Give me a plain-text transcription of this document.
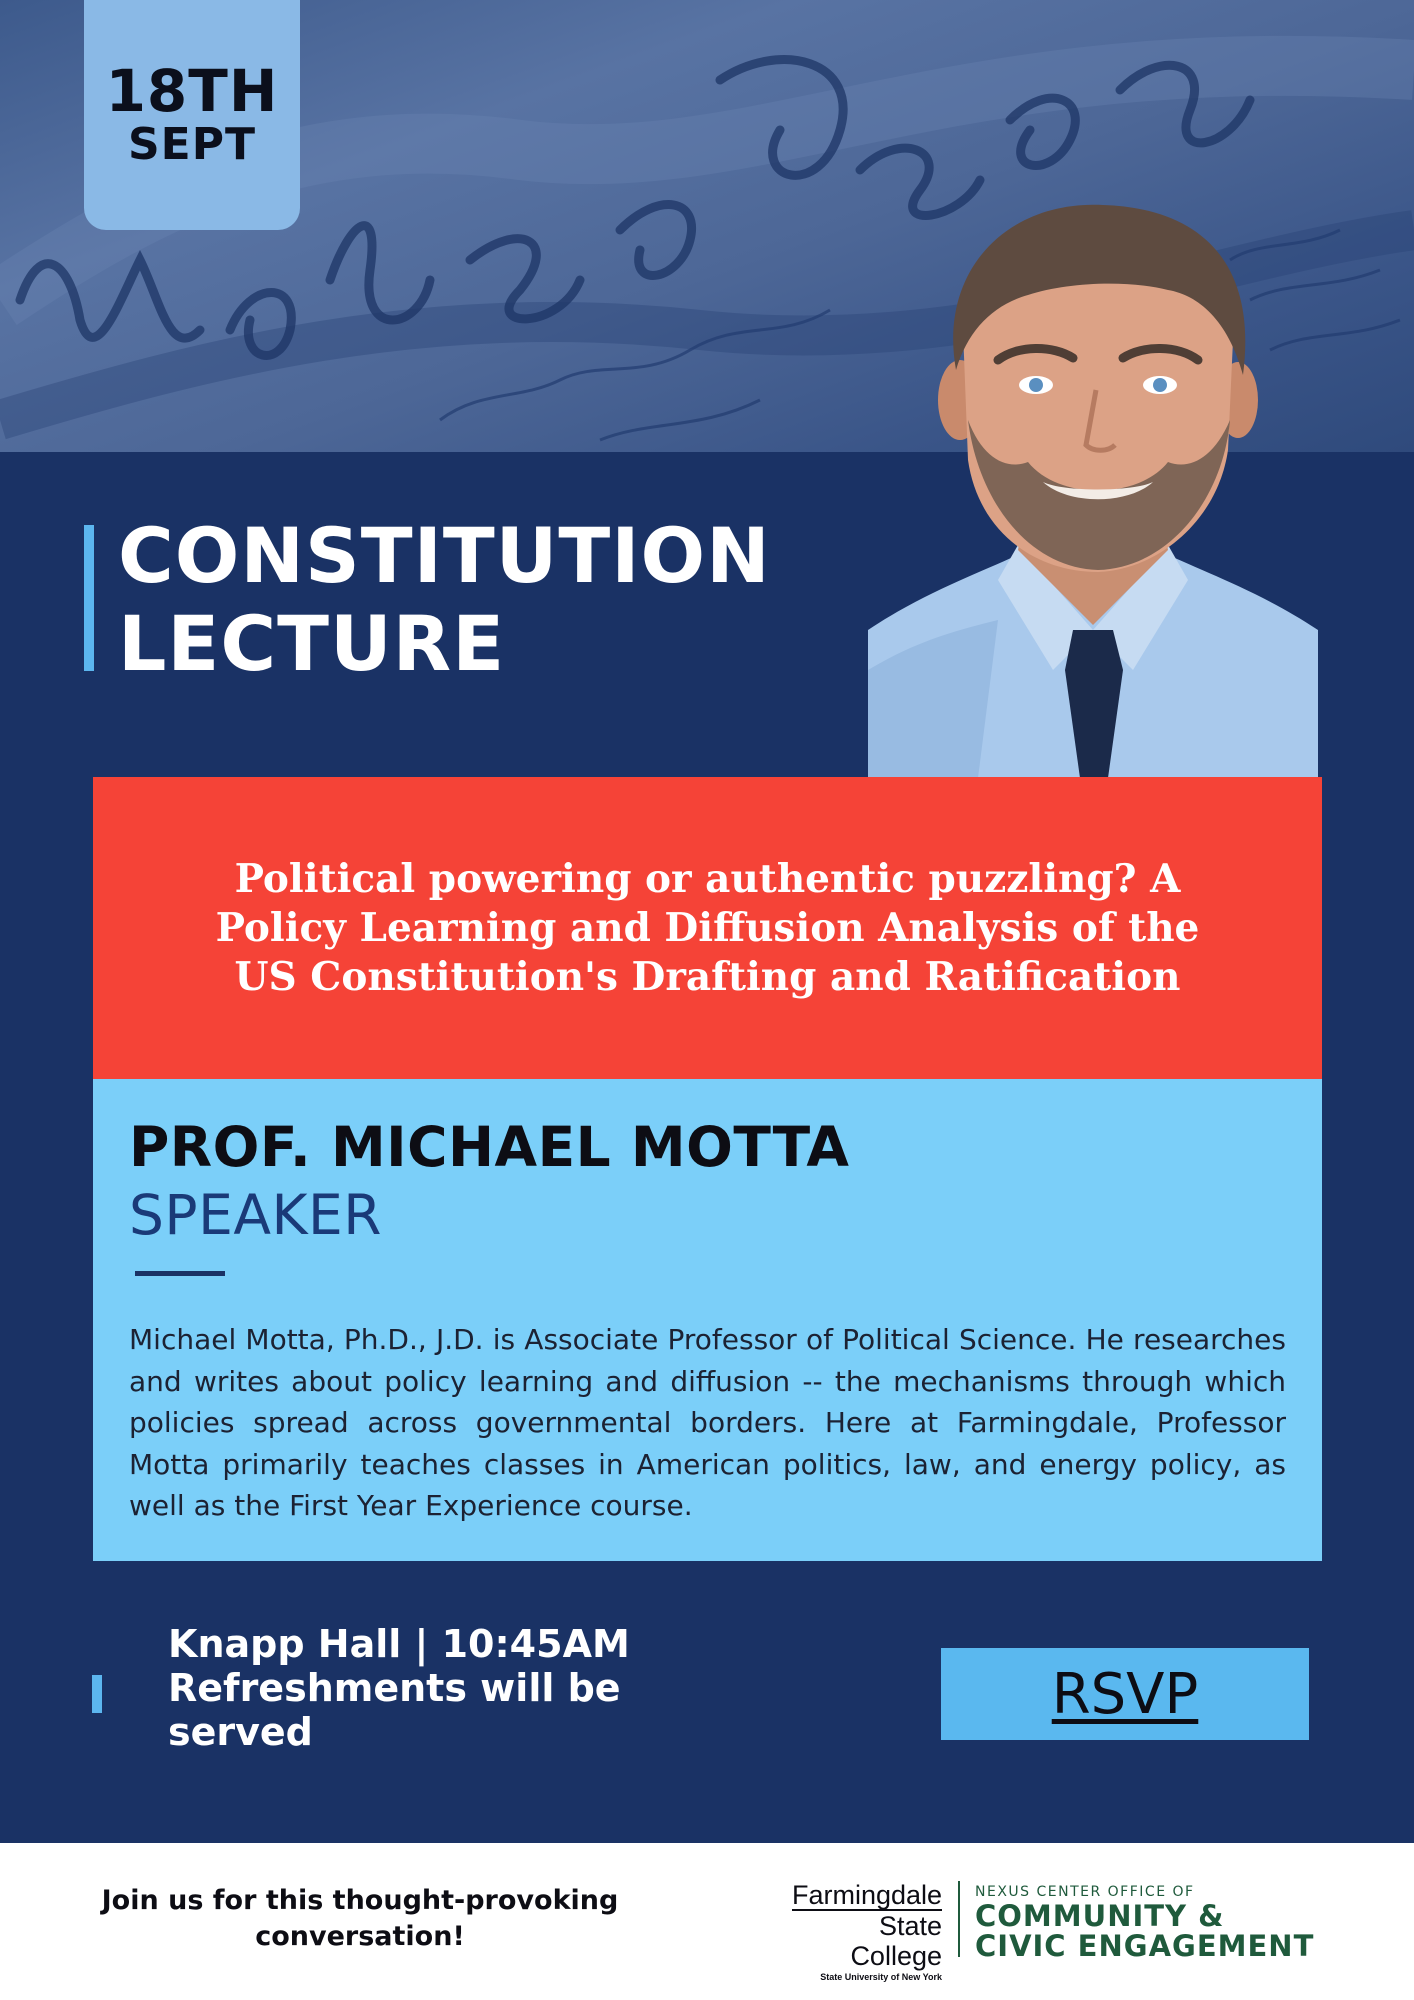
18TH
SEPT
CONSTITUTION
LECTURE

Political powering or authentic puzzling? A Policy Learning and Diffusion Analysis of the US Constitution's Drafting and Ratification

PROF. MICHAEL MOTTA
SPEAKER

Michael Motta, Ph.D., J.D. is Associate Professor of Political Science. He researches and writes about policy learning and diffusion -- the mechanisms through which policies spread across governmental borders. Here at Farmingdale, Professor Motta primarily teaches classes in American politics, law, and energy policy, as well as the First Year Experience course.

Knapp Hall | 10:45AM
Refreshments will be served
RSVP
Join us for this thought-provoking conversation!
Farmingdale
State College
State University of New York
NEXUS CENTER OFFICE OF
COMMUNITY &
CIVIC ENGAGEMENT
